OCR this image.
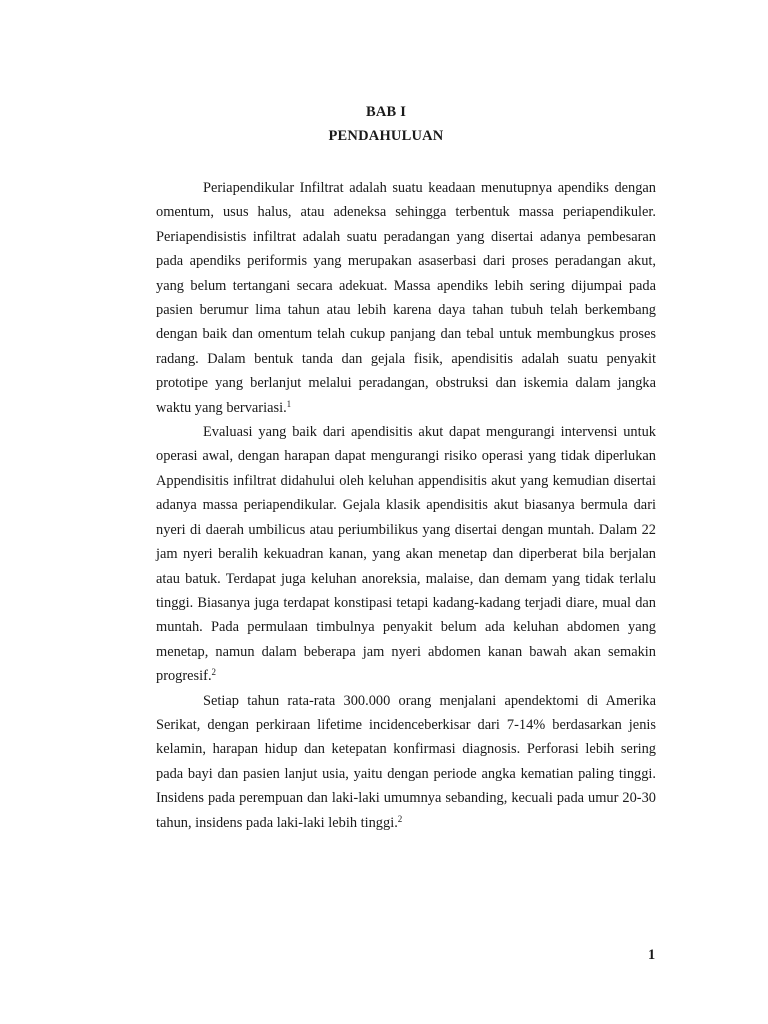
BAB I
PENDAHULUAN

Periapendikular Infiltrat adalah suatu keadaan menutupnya apendiks dengan omentum, usus halus, atau adeneksa sehingga terbentuk massa periapendikuler. Periapendisistis infiltrat adalah suatu peradangan yang disertai adanya pembesaran pada apendiks periformis yang merupakan asaserbasi dari proses peradangan akut, yang belum tertangani secara adekuat. Massa apendiks lebih sering dijumpai pada pasien berumur lima tahun atau lebih karena daya tahan tubuh telah berkembang dengan baik dan omentum telah cukup panjang dan tebal untuk membungkus proses radang. Dalam bentuk tanda dan gejala fisik, apendisitis adalah suatu penyakit prototipe yang berlanjut melalui peradangan, obstruksi dan iskemia dalam jangka waktu yang bervariasi.$^1$

Evaluasi yang baik dari apendisitis akut dapat mengurangi intervensi untuk operasi awal, dengan harapan dapat mengurangi risiko operasi yang tidak diperlukan Appendisitis infiltrat didahului oleh keluhan appendisitis akut yang kemudian disertai adanya massa periapendikular. Gejala klasik apendisitis akut biasanya bermula dari nyeri di daerah umbilicus atau periumbilikus yang disertai dengan muntah. Dalam 22 jam nyeri beralih kekuadran kanan, yang akan menetap dan diperberat bila berjalan atau batuk. Terdapat juga keluhan anoreksia, malaise, dan demam yang tidak terlalu tinggi. Biasanya juga terdapat konstipasi tetapi kadang-kadang terjadi diare, mual dan muntah. Pada permulaan timbulnya penyakit belum ada keluhan abdomen yang menetap, namun dalam beberapa jam nyeri abdomen kanan bawah akan semakin progresif.$^2$

Setiap tahun rata-rata 300.000 orang menjalani apendektomi di Amerika Serikat, dengan perkiraan lifetime incidenceberkisar dari 7-14% berdasarkan jenis kelamin, harapan hidup dan ketepatan konfirmasi diagnosis. Perforasi lebih sering pada bayi dan pasien lanjut usia, yaitu dengan periode angka kematian paling tinggi. Insidens pada perempuan dan laki-laki umumnya sebanding, kecuali pada umur 20-30 tahun, insidens pada laki-laki lebih tinggi.$^2$

1
